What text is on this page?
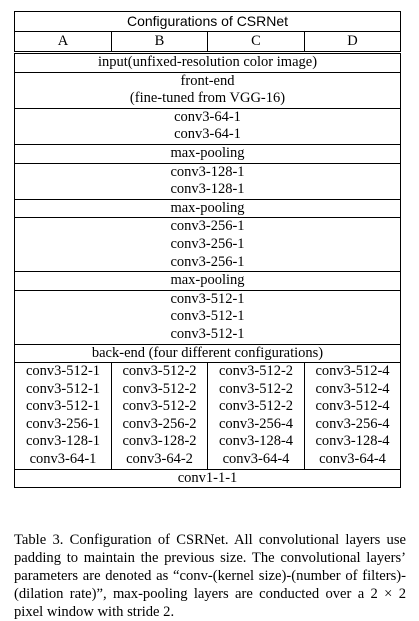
Configurations of CSRNet			
A	B	C	D
input(unfixed-resolution color image)			
front-end			
(fine-tuned from VGG-16)			
conv3-64-1			
conv3-64-1			
max-pooling			
conv3-128-1			
conv3-128-1			
max-pooling			
conv3-256-1			
conv3-256-1			
conv3-256-1			
max-pooling			
conv3-512-1			
conv3-512-1			
conv3-512-1			
back-end (four different configurations)			
conv3-512-1	conv3-512-2	conv3-512-2	conv3-512-4
conv3-512-1	conv3-512-2	conv3-512-2	conv3-512-4
conv3-512-1	conv3-512-2	conv3-512-2	conv3-512-4
conv3-256-1	conv3-256-2	conv3-256-4	conv3-256-4
conv3-128-1	conv3-128-2	conv3-128-4	conv3-128-4
conv3-64-1	conv3-64-2	conv3-64-4	conv3-64-4
conv1-1-1			

Table 3. Configuration of CSRNet. All convolutional layers use padding to maintain the previous size. The convolutional layers’ parameters are denoted as “conv-(kernel size)-(number of filters)-(dilation rate)”, max-pooling layers are conducted over a 2 × 2 pixel window with stride 2.
